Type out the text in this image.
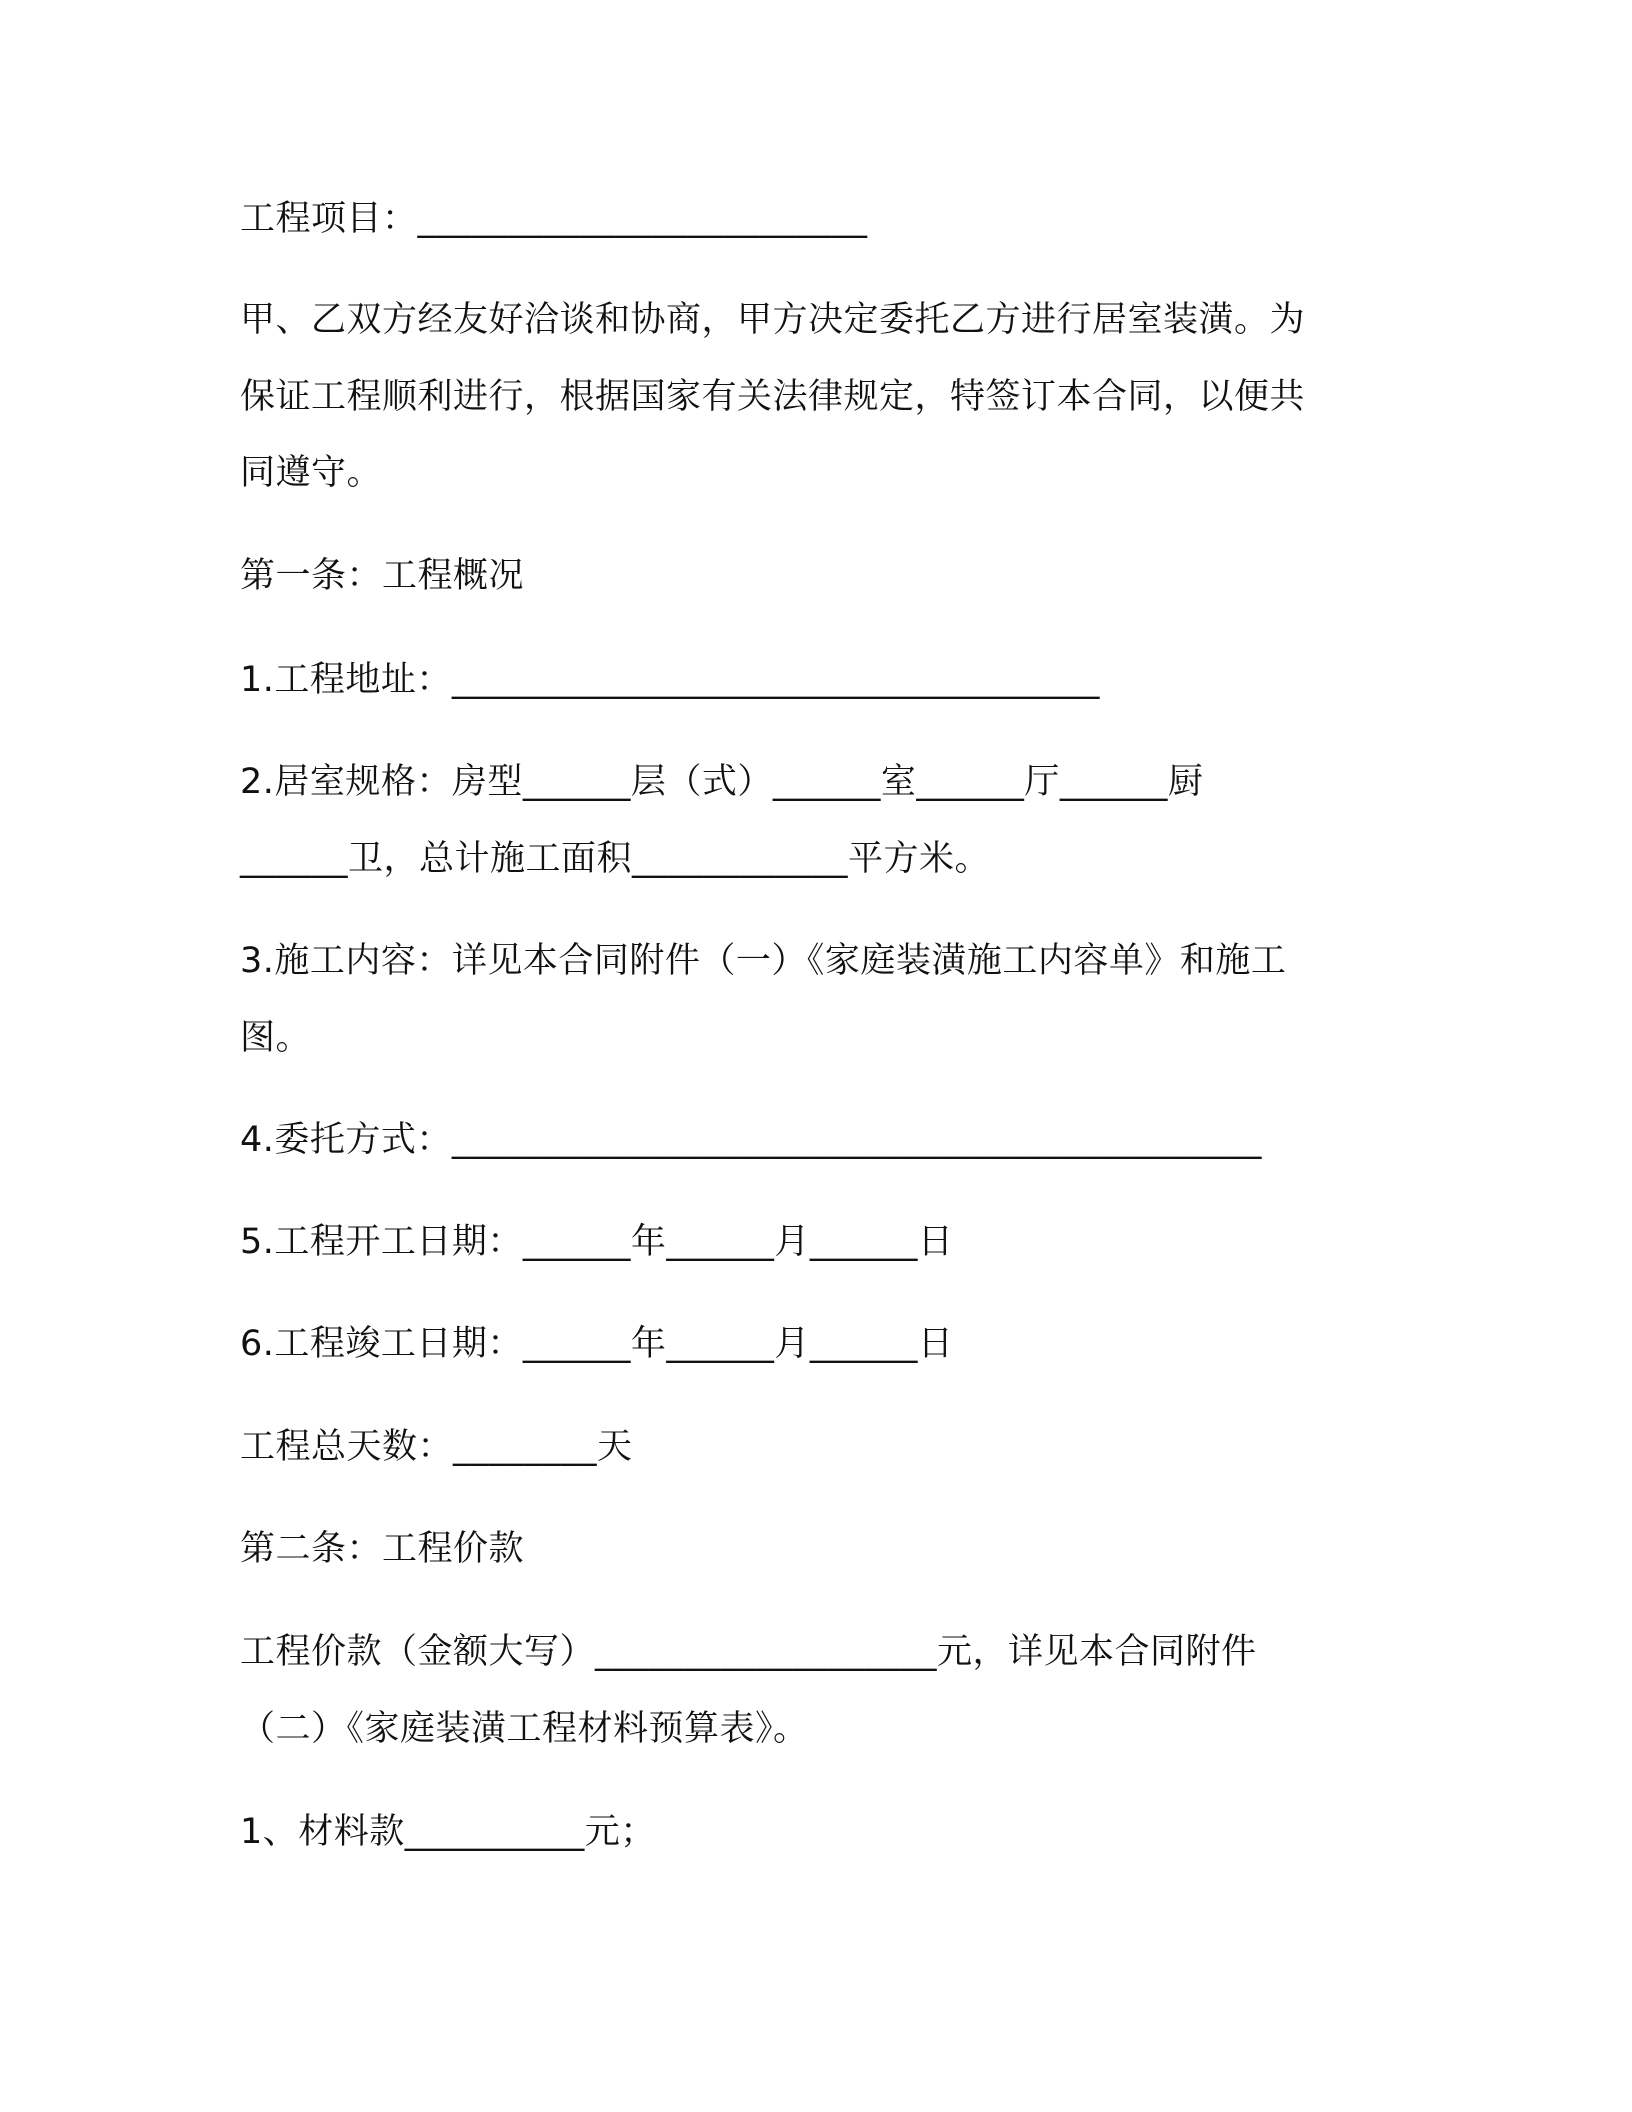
工程项目：_________________________
甲、乙双方经友好洽谈和协商，甲方决定委托乙方进行居室装潢。为
保证工程顺利进行，根据国家有关法律规定，特签订本合同，以便共
同遵守。
第一条：工程概况
1.工程地址：____________________________________
2.居室规格：房型______层（式）______室______厅______厨
______卫，总计施工面积____________平方米。
3.施工内容：详见本合同附件（一）《家庭装潢施工内容单》和施工
图。
4.委托方式：_____________________________________________
5.工程开工日期：______年______月______日
6.工程竣工日期：______年______月______日
工程总天数：________天
第二条：工程价款
工程价款（金额大写）___________________元，详见本合同附件
（二）《家庭装潢工程材料预算表》。
1、材料款__________元；
